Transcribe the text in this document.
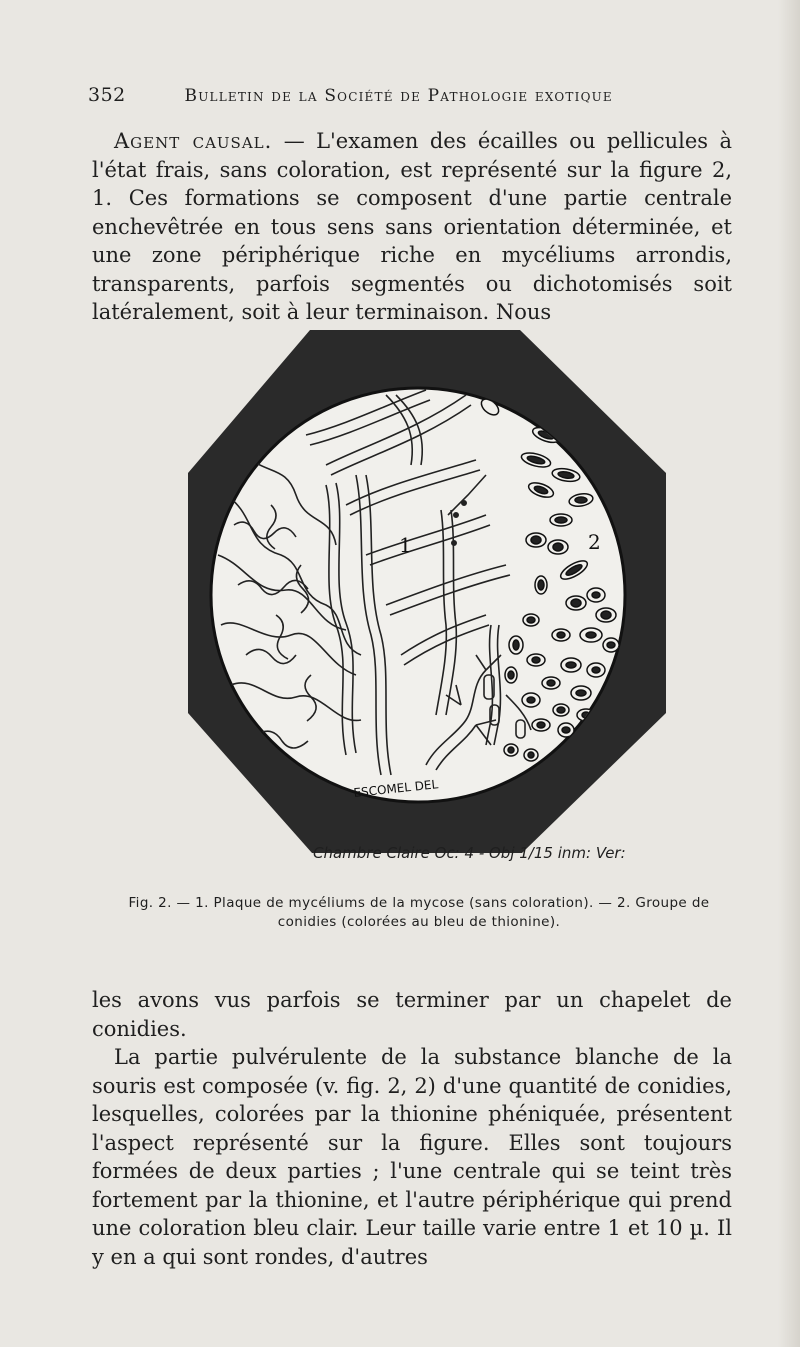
352	Bulletin de la Société de Pathologie exotique
Agent causal. — L'examen des écailles ou pellicules à l'état frais, sans coloration, est représenté sur la figure 2, 1. Ces formations se composent d'une partie centrale enchevêtrée en tous sens sans orientation déterminée, et une zone périphérique riche en mycéliums arrondis, transparents, parfois segmentés ou dichotomisés soit latéralement, soit à leur terminaison. Nous
1	2
ESCOMEL DEL
Chambre Claire Oc: 4 - Obj 1/15 inm: Ver:
Fig. 2. — 1. Plaque de mycéliums de la mycose (sans coloration). — 2. Groupe de conidies (colorées au bleu de thionine).
les avons vus parfois se terminer par un chapelet de conidies.
La partie pulvérulente de la substance blanche de la souris est composée (v. fig. 2, 2) d'une quantité de conidies, lesquelles, colorées par la thionine phéniquée, présentent l'aspect représenté sur la figure. Elles sont toujours formées de deux parties ; l'une centrale qui se teint très fortement par la thionine, et l'autre périphérique qui prend une coloration bleu clair. Leur taille varie entre 1 et 10 µ. Il y en a qui sont rondes, d'autres
